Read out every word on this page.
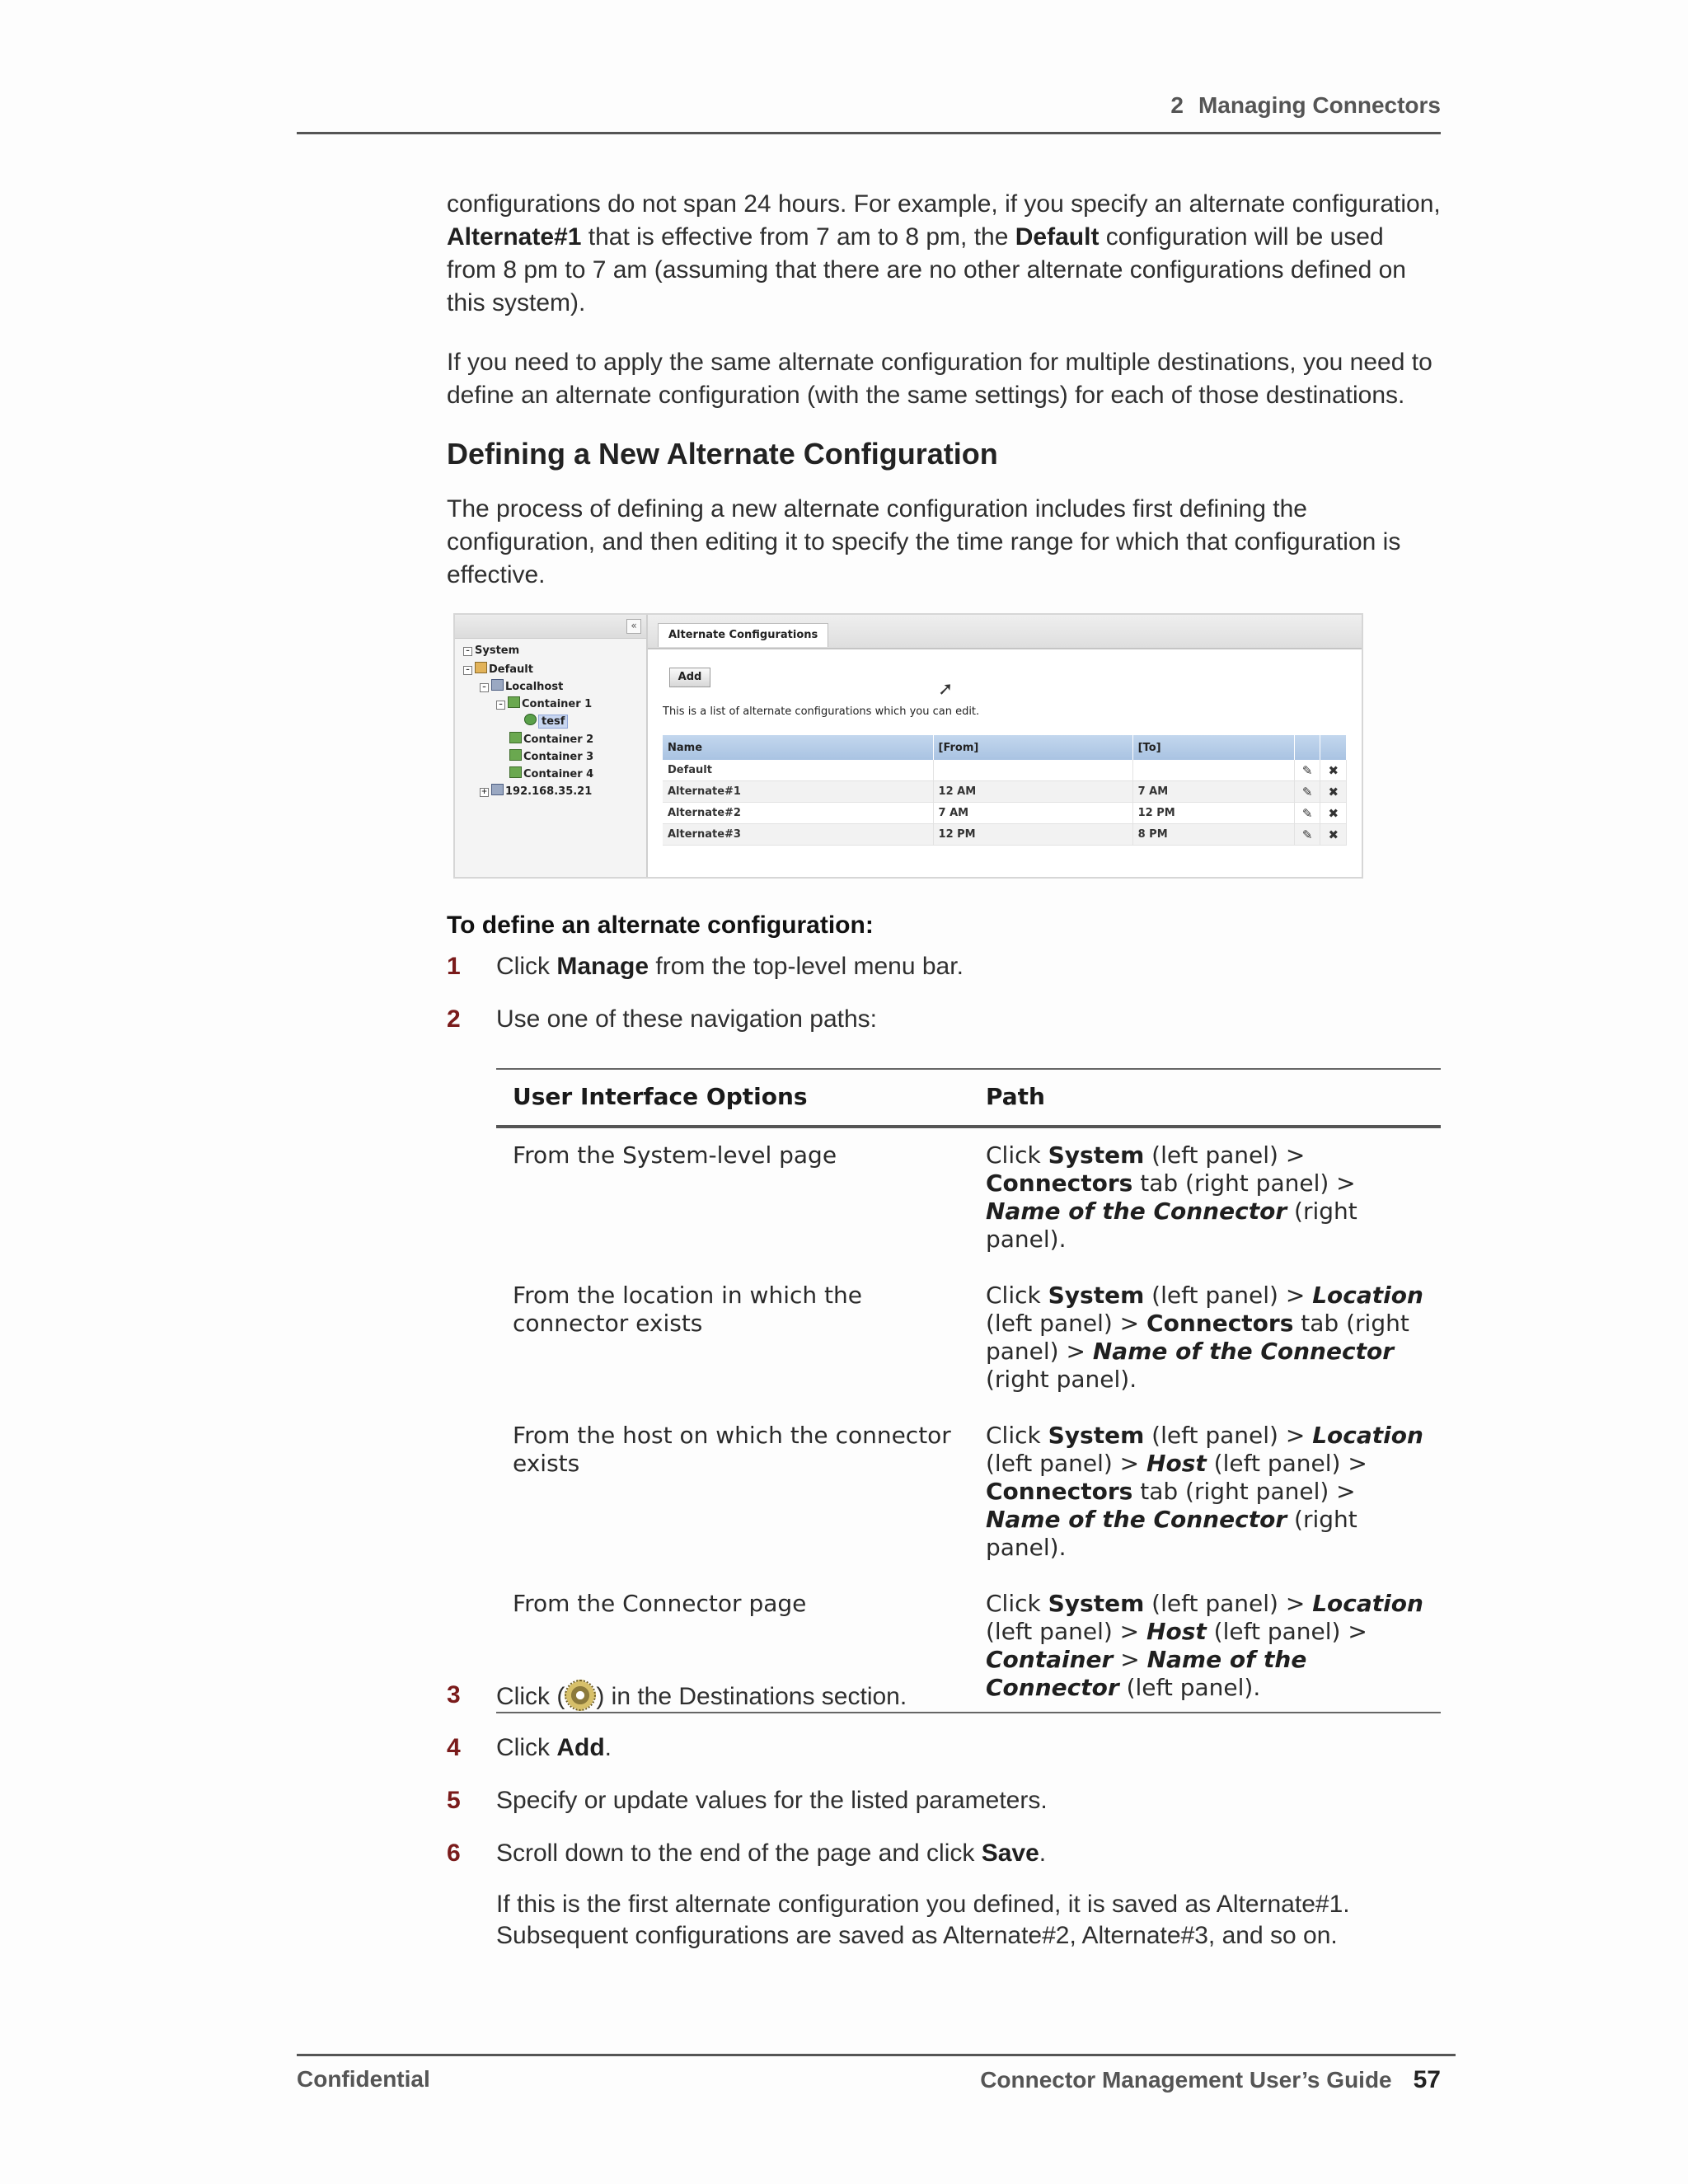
2 Managing Connectors

configurations do not span 24 hours. For example, if you specify an alternate configuration,

Alternate#1 that is effective from 7 am to 8 pm, the Default configuration will be used

from 8 pm to 7 am (assuming that there are no other alternate configurations defined on

this system).

If you need to apply the same alternate configuration for multiple destinations, you need to

define an alternate configuration (with the same settings) for each of those destinations.

Defining a New Alternate Configuration

The process of defining a new alternate configuration includes first defining the

configuration, and then editing it to specify the time range for which that configuration is

effective.

«
– System
– Default
– Localhost
– Container 1
tesf
Container 2
Container 3
Container 4
+ 192.168.35.21
Alternate Configurations
Add
➚
This is a list of alternate configurations which you can edit.
Name	[From]	[To]		
Default			✎	✖
Alternate#1	12 AM	7 AM	✎	✖
Alternate#2	7 AM	12 PM	✎	✖
Alternate#3	12 PM	8 PM	✎	✖
To define an alternate configuration:
1	Click Manage from the top-level menu bar.
2	Use one of these navigation paths:
User Interface Options	Path
From the System-level page	Click System (left panel) > Connectors tab (right panel) > Name of the Connector (right panel).
From the location in which the connector exists	Click System (left panel) > Location (left panel) > Connectors tab (right panel) > Name of the Connector (right panel).
From the host on which the connector exists	Click System (left panel) > Location (left panel) > Host (left panel) > Connectors tab (right panel) > Name of the Connector (right panel).
From the Connector page	Click System (left panel) > Location (left panel) > Host (left panel) > Container > Name of the Connector (left panel).
3	Click ( ) in the Destinations section.
4	Click Add.
5	Specify or update values for the listed parameters.
6	Scroll down to the end of the page and click Save.

If this is the first alternate configuration you defined, it is saved as Alternate#1.

Subsequent configurations are saved as Alternate#2, Alternate#3, and so on.

Confidential	Connector Management User’s Guide 57
